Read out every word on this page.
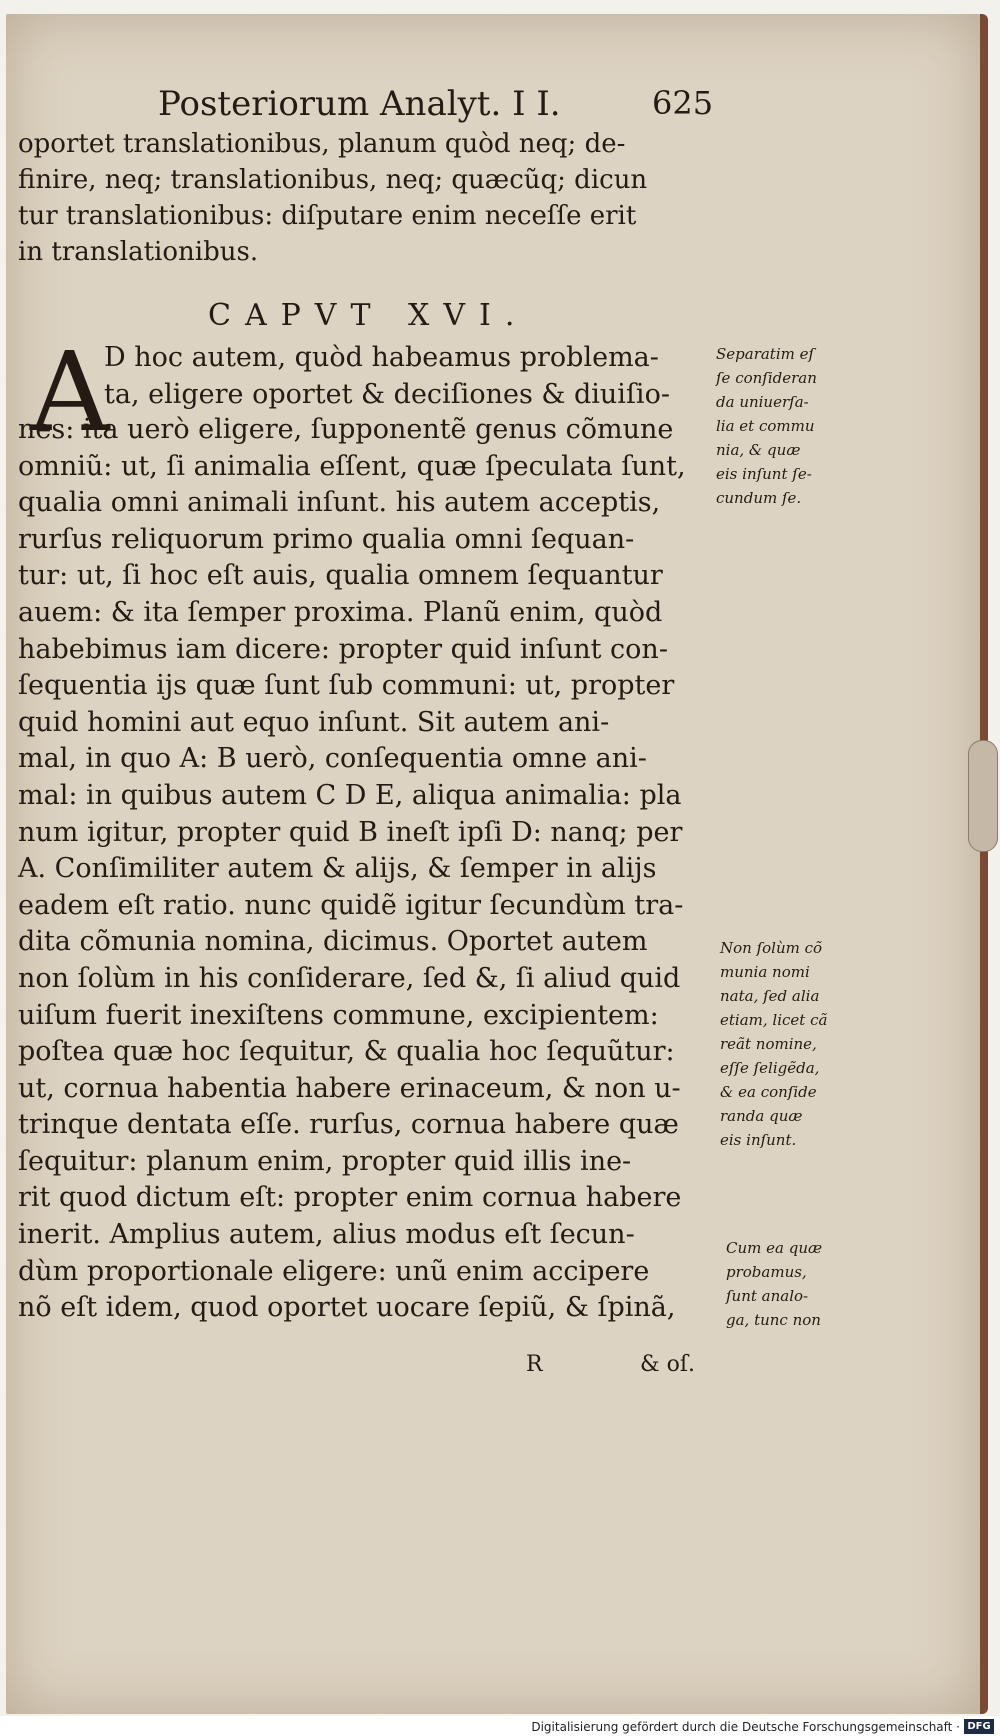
Posteriorum Analyt. I I.	625
oportet translationibus, planum quòd neq; de-
finire, neq; translationibus, neq; quæcũq; dicun
tur translationibus: diſputare enim neceſſe erit
in translationibus.
CAPVT XVI.
A
D hoc autem, quòd habeamus problema-
ta, eligere oportet & deciſiones & diuiſio-
nes: ita uerò eligere, ſupponentẽ genus cõmune
omniũ: ut, ſi animalia eſſent, quæ ſpeculata ſunt,
qualia omni animali inſunt. his autem acceptis,
rurſus reliquorum primo qualia omni ſequan-
tur: ut, ſi hoc eſt auis, qualia omnem ſequantur
auem: & ita ſemper proxima. Planũ enim, quòd
habebimus iam dicere: propter quid inſunt con-
ſequentia ijs quæ ſunt ſub communi: ut, propter
quid homini aut equo inſunt. Sit autem ani-
mal, in quo A: B uerò, conſequentia omne ani-
mal: in quibus autem C D E, aliqua animalia: pla
num igitur, propter quid B ineſt ipſi D: nanq; per
A. Conſimiliter autem & alijs, & ſemper in alijs
eadem eſt ratio. nunc quidẽ igitur ſecundùm tra-
dita cõmunia nomina, dicimus. Oportet autem
non ſolùm in his conſiderare, ſed &, ſi aliud quid
uiſum fuerit inexiſtens commune, excipientem:
poſtea quæ hoc ſequitur, & qualia hoc ſequũtur:
ut, cornua habentia habere erinaceum, & non u-
trinque dentata eſſe. rurſus, cornua habere quæ
ſequitur: planum enim, propter quid illis ine-
rit quod dictum eſt: propter enim cornua habere
inerit. Amplius autem, alius modus eſt ſecun-
dùm proportionale eligere: unũ enim accipere
nõ eſt idem, quod oportet uocare ſepiũ, & ſpinã,
Separatim eſ
ſe conſideran
da uniuerſa-
lia et commu
nia, & quæ
eis inſunt ſe-
cundum ſe.
Non ſolùm cõ
munia nomi
nata, ſed alia
etiam, licet cã
reãt nomine,
eſſe ſeligẽda,
& ea conſide
randa quæ
eis inſunt.
Cum ea quæ
probamus,
ſunt analo-
ga, tunc non
R	& oſ.
Digitalisierung gefördert durch die Deutsche Forschungsgemeinschaft · DFG
